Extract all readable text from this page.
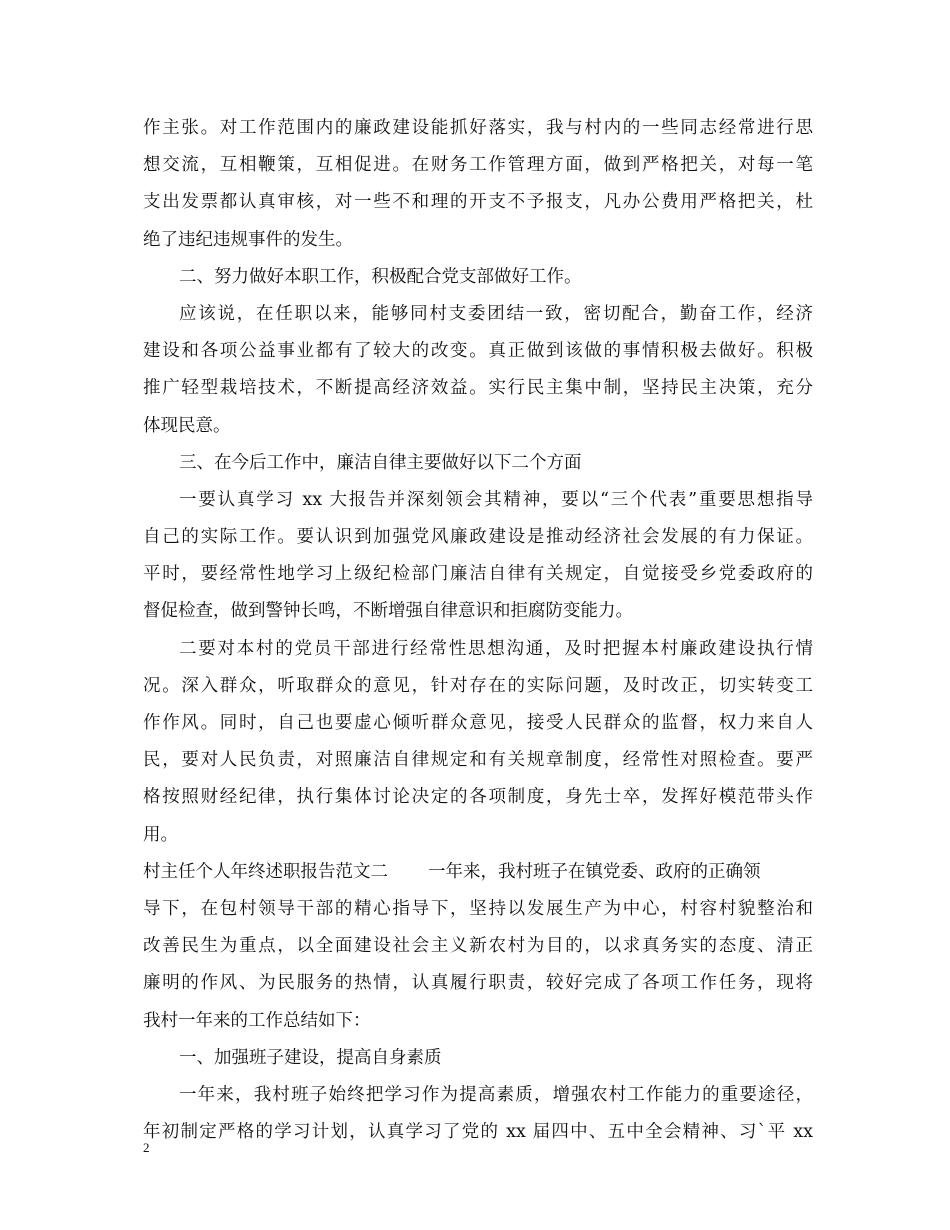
作主张。对工作范围内的廉政建设能抓好落实，我与村内的一些同志经常进行思
想交流，互相鞭策，互相促进。在财务工作管理方面，做到严格把关，对每一笔
支出发票都认真审核，对一些不和理的开支不予报支，凡办公费用严格把关，杜
绝了违纪违规事件的发生。
二、努力做好本职工作，积极配合党支部做好工作。
应该说，在任职以来，能够同村支委团结一致，密切配合，勤奋工作，经济
建设和各项公益事业都有了较大的改变。真正做到该做的事情积极去做好。积极
推广轻型栽培技术，不断提高经济效益。实行民主集中制，坚持民主决策，充分
体现民意。
三、在今后工作中，廉洁自律主要做好以下二个方面
一要认真学习 xx 大报告并深刻领会其精神，要以“三个代表”重要思想指导
自己的实际工作。要认识到加强党风廉政建设是推动经济社会发展的有力保证。
平时，要经常性地学习上级纪检部门廉洁自律有关规定，自觉接受乡党委政府的
督促检查，做到警钟长鸣，不断增强自律意识和拒腐防变能力。
二要对本村的党员干部进行经常性思想沟通，及时把握本村廉政建设执行情
况。深入群众，听取群众的意见，针对存在的实际问题，及时改正，切实转变工
作作风。同时，自己也要虚心倾听群众意见，接受人民群众的监督，权力来自人
民，要对人民负责，对照廉洁自律规定和有关规章制度，经常性对照检查。要严
格按照财经纪律，执行集体讨论决定的各项制度，身先士卒，发挥好模范带头作
用。
村主任个人年终述职报告范文二 一年来，我村班子在镇党委、政府的正确领
导下，在包村领导干部的精心指导下，坚持以发展生产为中心，村容村貌整治和
改善民生为重点，以全面建设社会主义新农村为目的，以求真务实的态度、清正
廉明的作风、为民服务的热情，认真履行职责，较好完成了各项工作任务，现将
我村一年来的工作总结如下：
一、加强班子建设，提高自身素质
一年来，我村班子始终把学习作为提高素质，增强农村工作能力的重要途径，
年初制定严格的学习计划，认真学习了党的 xx 届四中、五中全会精神、习`平 xx
2
